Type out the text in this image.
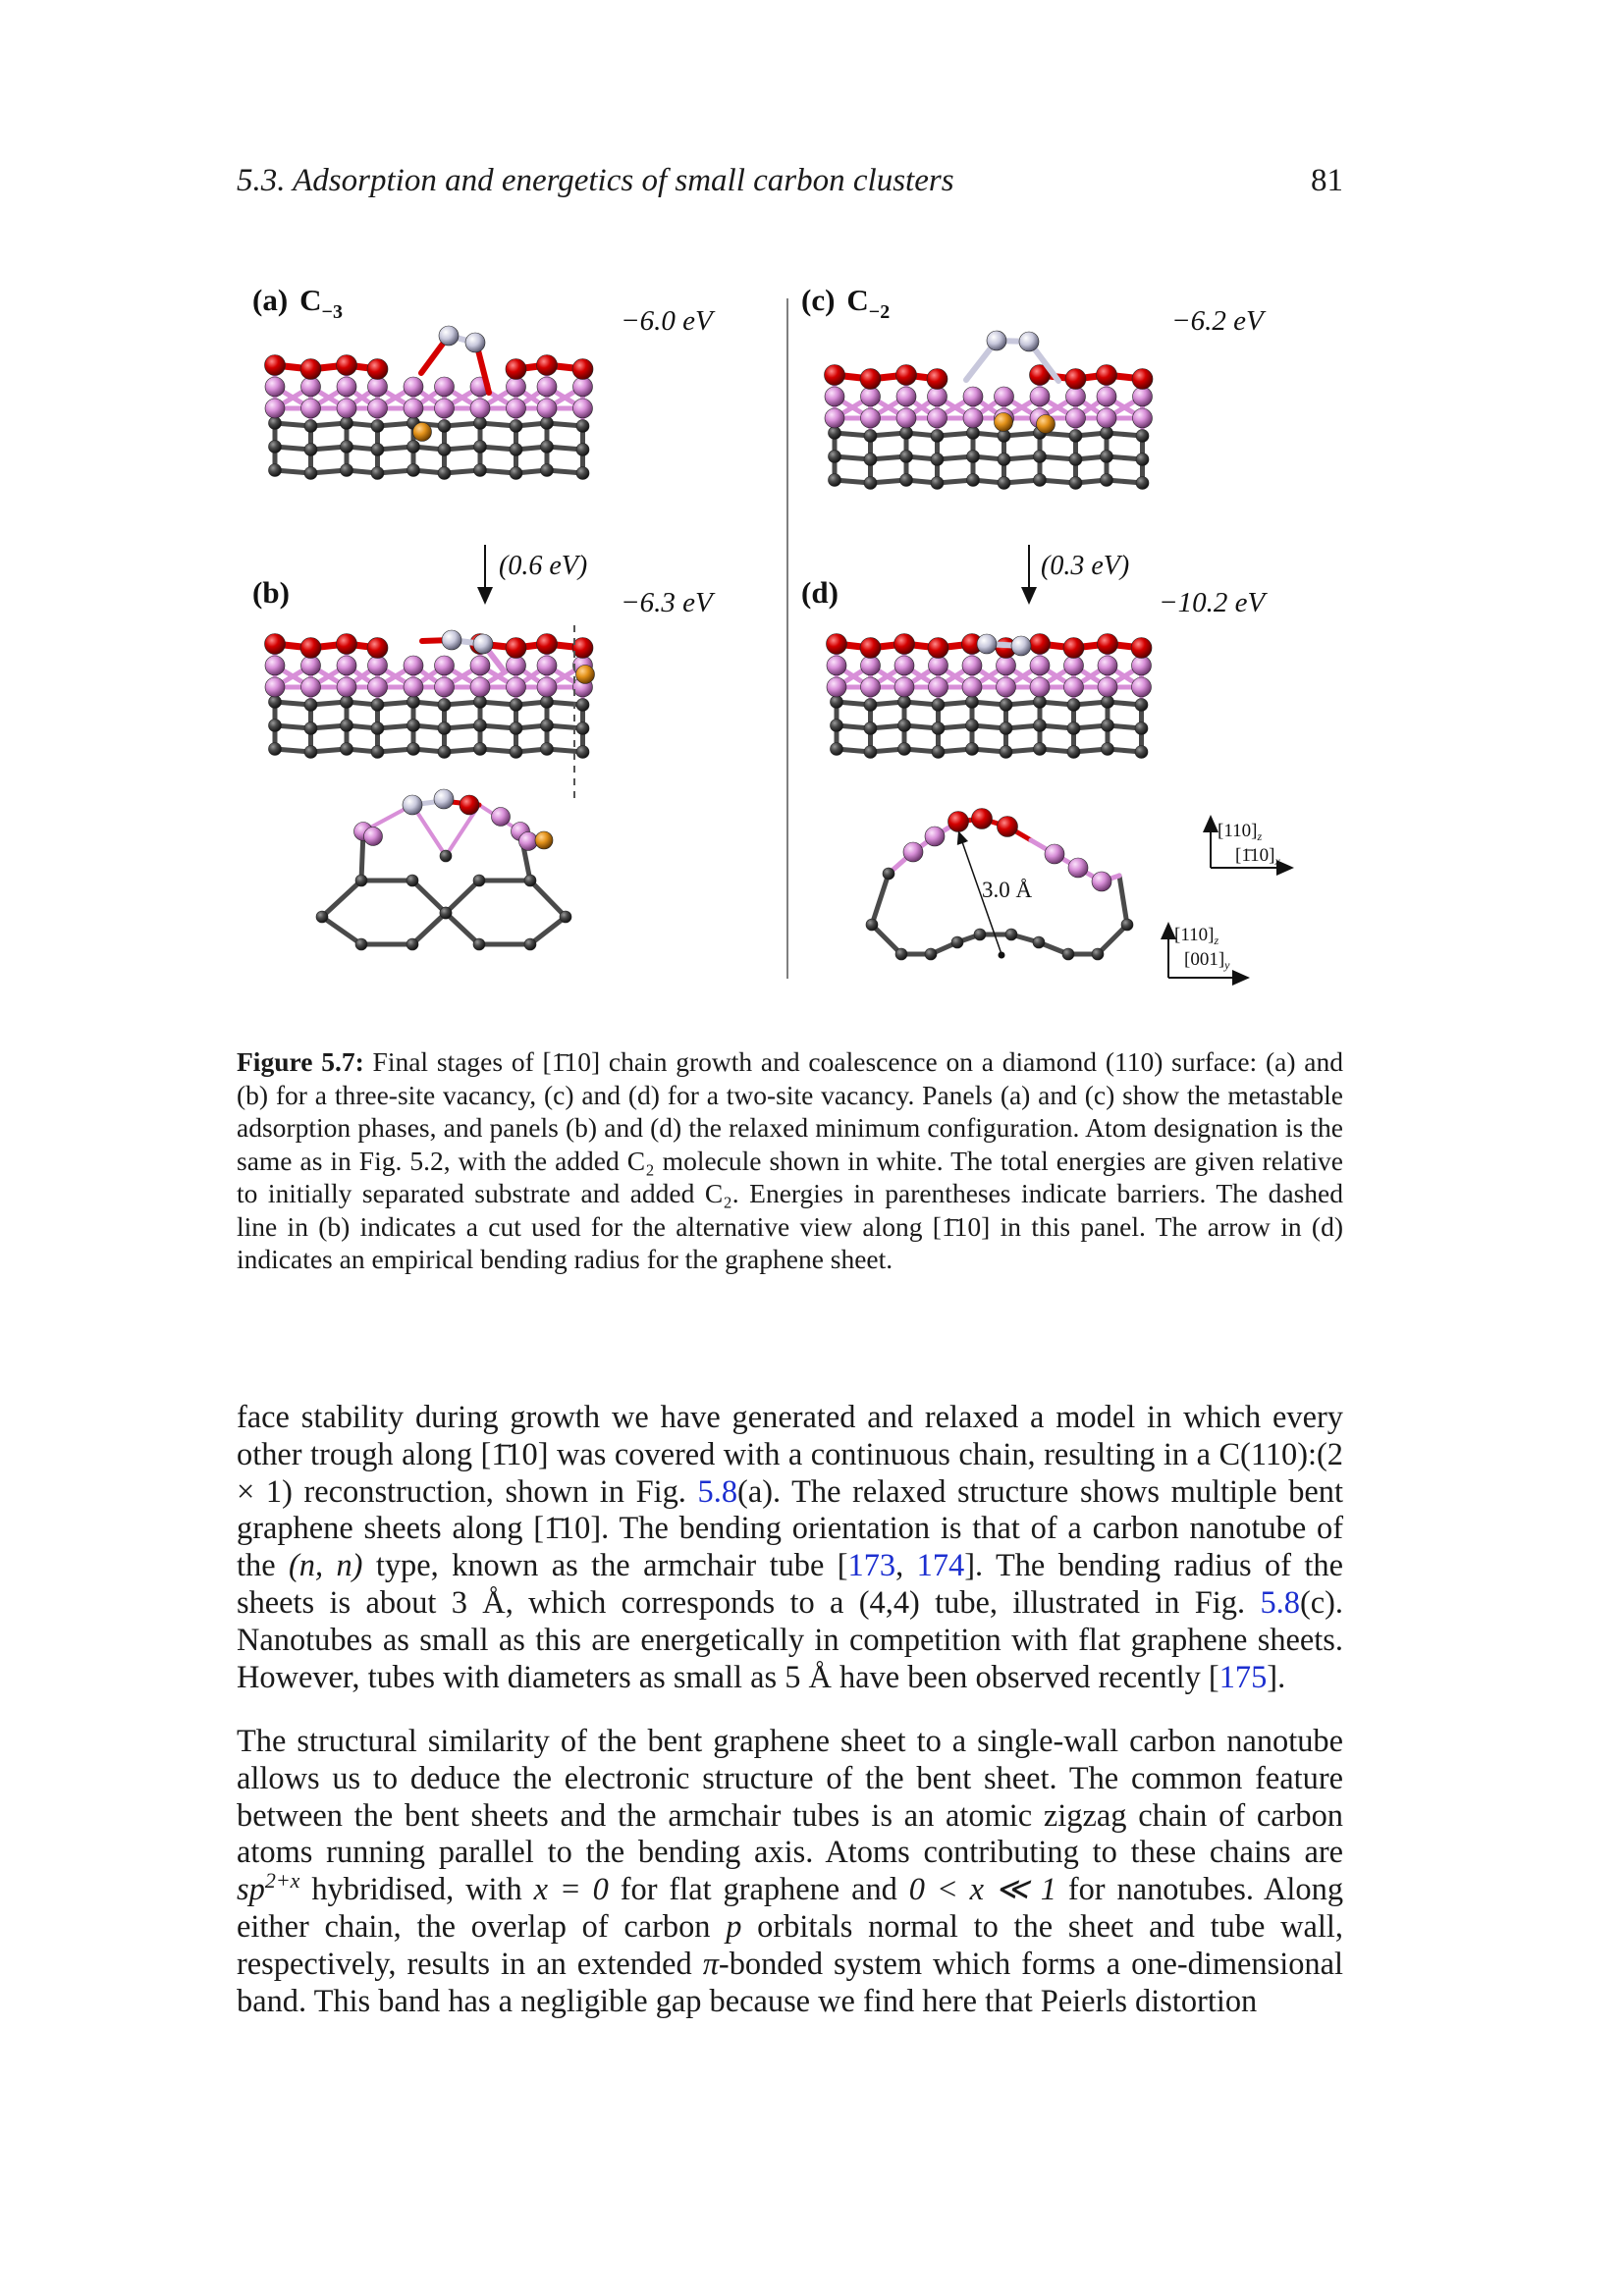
5.3. Adsorption and energetics of small carbon clusters	81
(a) $C_{-3}$	−6.0 eV
(b)	−6.3 eV
(0.6 eV)
(c) $C_{-2}$	−6.2 eV
(d)	−10.2 eV
(0.3 eV)
3.0 Å
$[110]_z$
$[1̄10]_x$
$[110]_z$
$[001]_y$
Figure 5.7: Final stages of [1̄10] chain growth and coalescence on a diamond (110) surface: (a) and (b) for a three-site vacancy, (c) and (d) for a two-site vacancy. Panels (a) and (c) show the metastable adsorption phases, and panels (b) and (d) the relaxed minimum configuration. Atom designation is the same as in Fig. 5.2, with the added C₂ molecule shown in white. The total energies are given relative to initially separated substrate and added C₂. Energies in parentheses indicate barriers. The dashed line in (b) indicates a cut used for the alternative view along [1̄10] in this panel. The arrow in (d) indicates an empirical bending radius for the graphene sheet.

face stability during growth we have generated and relaxed a model in which every other trough along [1̄10] was covered with a continuous chain, resulting in a C(110):(2 × 1) reconstruction, shown in Fig. 5.8(a). The relaxed structure shows multiple bent graphene sheets along [1̄10]. The bending orientation is that of a carbon nanotube of the (n, n) type, known as the armchair tube [173, 174]. The bending radius of the sheets is about 3 Å, which corresponds to a (4,4) tube, illustrated in Fig. 5.8(c). Nanotubes as small as this are energetically in competition with flat graphene sheets. However, tubes with diameters as small as 5 Å have been observed recently [175].

The structural similarity of the bent graphene sheet to a single-wall carbon nanotube allows us to deduce the electronic structure of the bent sheet. The common feature between the bent sheets and the armchair tubes is an atomic zigzag chain of carbon atoms running parallel to the bending axis. Atoms contributing to these chains are $sp^{2+x}$ hybridised, with x = 0 for flat graphene and 0 < x ≪ 1 for nanotubes. Along either chain, the overlap of carbon p orbitals normal to the sheet and tube wall, respectively, results in an extended π-bonded system which forms a one-dimensional band. This band has a negligible gap because we find here that Peierls distortion
